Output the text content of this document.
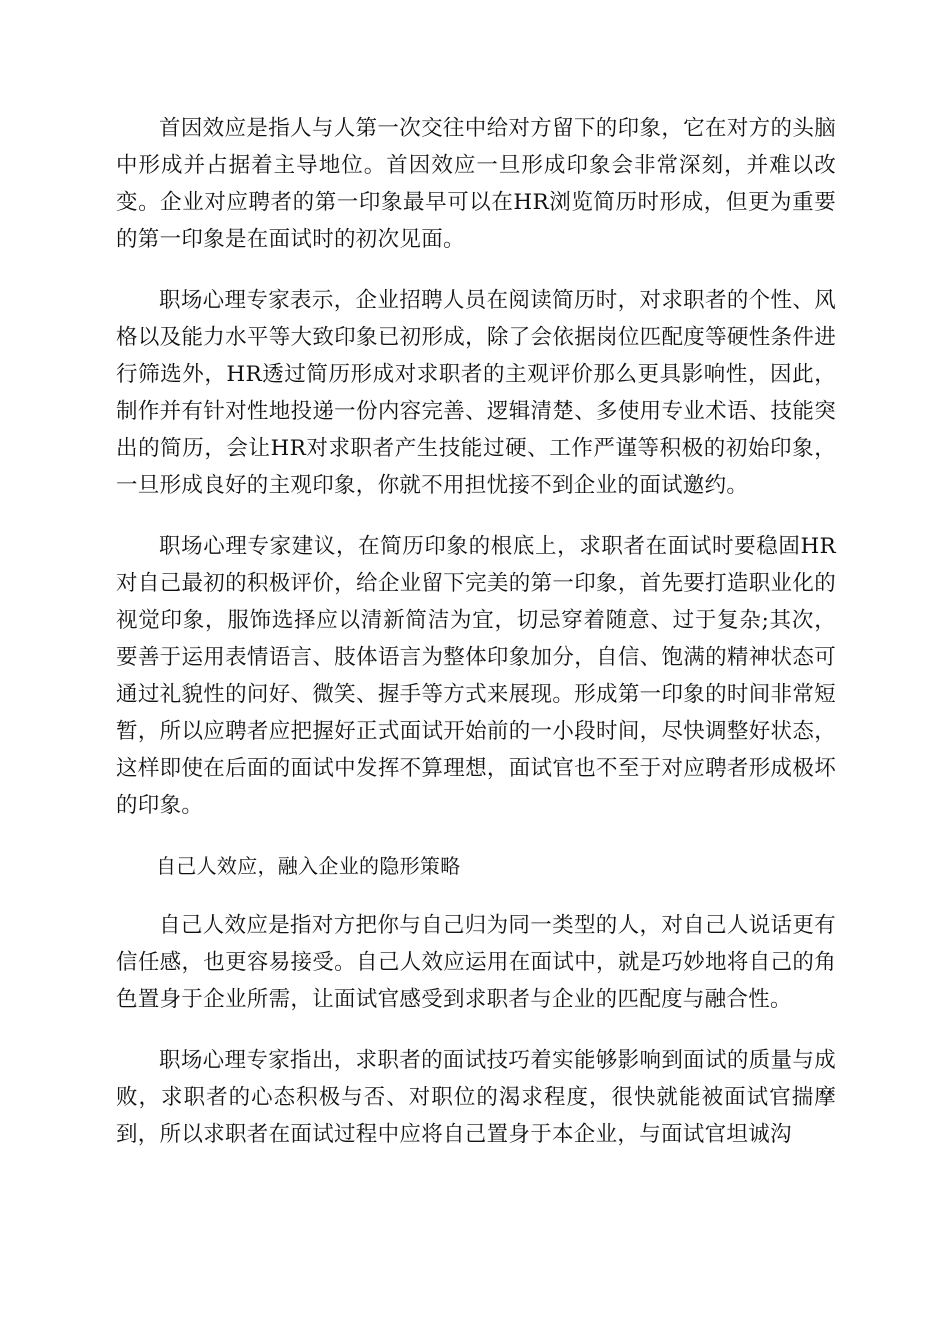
首因效应是指人与人第一次交往中给对方留下的印象，它在对方的头脑中形成并占据着主导地位。首因效应一旦形成印象会非常深刻，并难以改变。企业对应聘者的第一印象最早可以在HR浏览简历时形成，但更为重要的第一印象是在面试时的初次见面。

职场心理专家表示，企业招聘人员在阅读简历时，对求职者的个性、风格以及能力水平等大致印象已初形成，除了会依据岗位匹配度等硬性条件进行筛选外，HR透过简历形成对求职者的主观评价那么更具影响性，因此，制作并有针对性地投递一份内容完善、逻辑清楚、多使用专业术语、技能突出的简历，会让HR对求职者产生技能过硬、工作严谨等积极的初始印象，一旦形成良好的主观印象，你就不用担忧接不到企业的面试邀约。

职场心理专家建议，在简历印象的根底上，求职者在面试时要稳固HR对自己最初的积极评价，给企业留下完美的第一印象，首先要打造职业化的视觉印象，服饰选择应以清新简洁为宜，切忌穿着随意、过于复杂;其次，要善于运用表情语言、肢体语言为整体印象加分，自信、饱满的精神状态可通过礼貌性的问好、微笑、握手等方式来展现。形成第一印象的时间非常短暂，所以应聘者应把握好正式面试开始前的一小段时间，尽快调整好状态，这样即使在后面的面试中发挥不算理想，面试官也不至于对应聘者形成极坏的印象。

自己人效应，融入企业的隐形策略

自己人效应是指对方把你与自己归为同一类型的人，对自己人说话更有信任感，也更容易接受。自己人效应运用在面试中，就是巧妙地将自己的角色置身于企业所需，让面试官感受到求职者与企业的匹配度与融合性。

职场心理专家指出，求职者的面试技巧着实能够影响到面试的质量与成败，求职者的心态积极与否、对职位的渴求程度，很快就能被面试官揣摩到，所以求职者在面试过程中应将自己置身于本企业，与面试官坦诚沟
